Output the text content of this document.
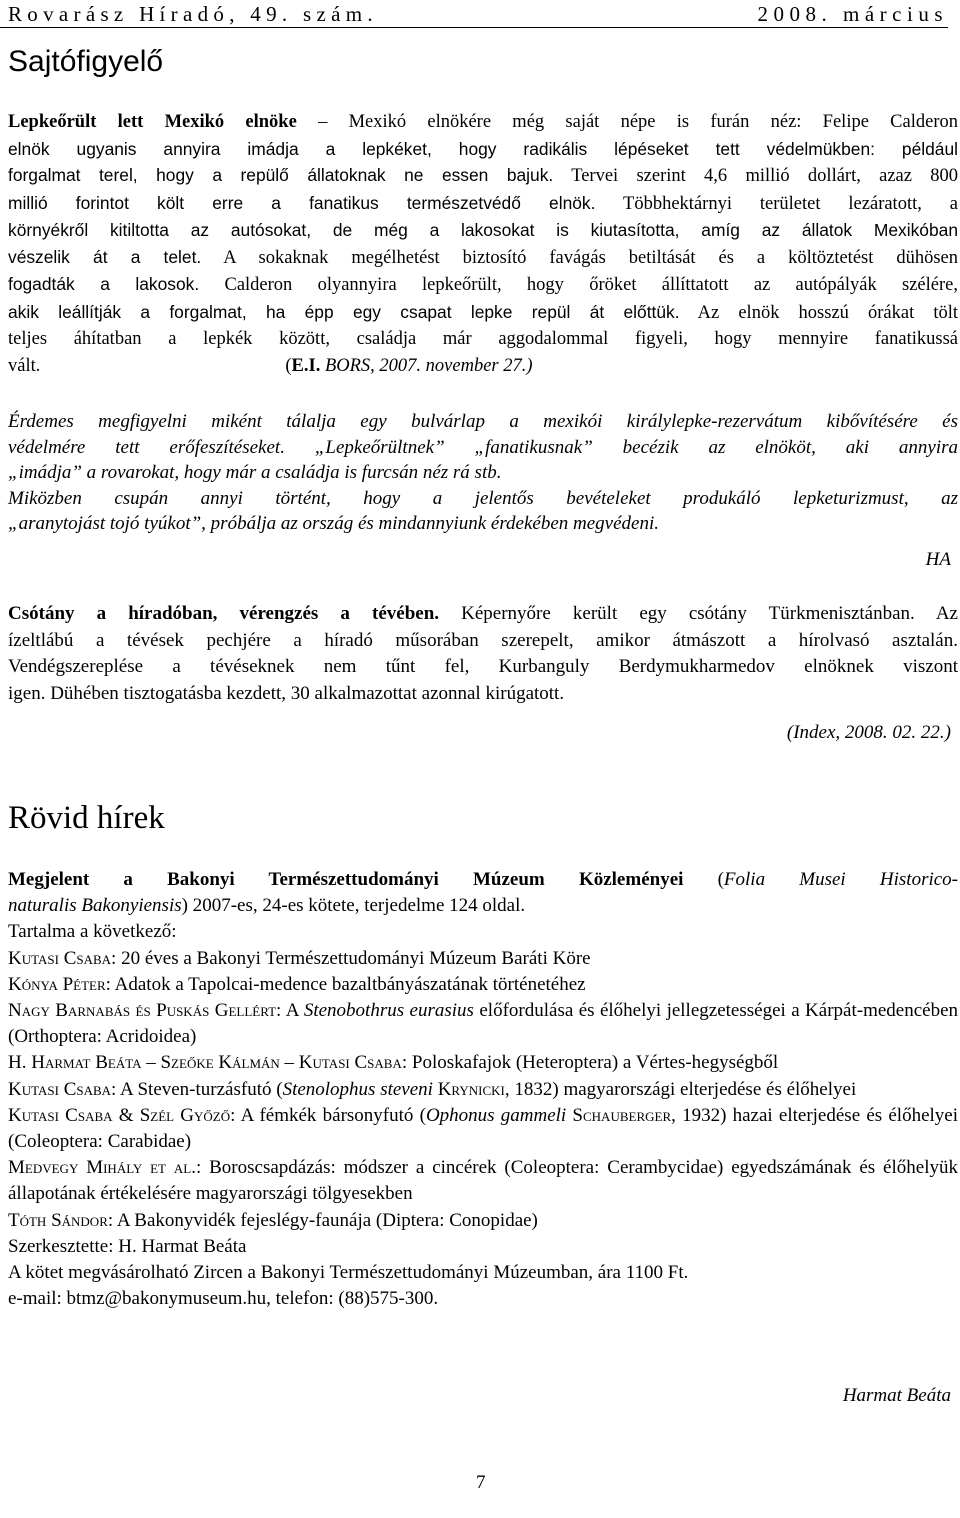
Rovarász Híradó, 49. szám.	2008. március
Sajtófigyelő
Lepkeőrült lett Mexikó elnöke – Mexikó elnökére még saját népe is furán néz: Felipe Calderon
elnök ugyanis annyira imádja a lepkéket, hogy radikális lépéseket tett védelmükben: például
forgalmat terel, hogy a repülő állatoknak ne essen bajuk. Tervei szerint 4,6 millió dollárt, azaz 800
millió forintot költ erre a fanatikus természetvédő elnök. Többhektárnyi területet lezáratott, a
környékről kitiltotta az autósokat, de még a lakosokat is kiutasította, amíg az állatok Mexikóban
vészelik át a telet. A sokaknak megélhetést biztosító favágás betiltását és a költöztetést dühösen
fogadták a lakosok. Calderon olyannyira lepkeőrült, hogy őröket állíttatott az autópályák szélére,
akik leállítják a forgalmat, ha épp egy csapat lepke repül át előttük. Az elnök hosszú órákat tölt
teljes áhítatban a lepkék között, családja már aggodalommal figyeli, hogy mennyire fanatikussá
vált.	(E.I. BORS, 2007. november 27.)
Érdemes megfigyelni miként tálalja egy bulvárlap a mexikói királylepke-rezervátum kibővítésére és
védelmére tett erőfeszítéseket. „Lepkeőrültnek” „fanatikusnak” becézik az elnököt, aki annyira
„imádja” a rovarokat, hogy már a családja is furcsán néz rá stb.
Miközben csupán annyi történt, hogy a jelentős bevételeket produkáló lepketurizmust, az
„aranytojást tojó tyúkot”, próbálja az ország és mindannyiunk érdekében megvédeni.
HA
Csótány a híradóban, vérengzés a tévében. Képernyőre került egy csótány Türkmenisztánban. Az
ízeltlábú a tévések pechjére a híradó műsorában szerepelt, amikor átmászott a hírolvasó asztalán.
Vendégszereplése a tévéseknek nem tűnt fel, Kurbanguly Berdymukharmedov elnöknek viszont
igen. Dühében tisztogatásba kezdett, 30 alkalmazottat azonnal kirúgatott.
(Index, 2008. 02. 22.)
Rövid hírek
Megjelent a Bakonyi Természettudományi Múzeum Közleményei (Folia Musei Historico-
naturalis Bakonyiensis) 2007-es, 24-es kötete, terjedelme 124 oldal.
Tartalma a következő:
Kutasi Csaba: 20 éves a Bakonyi Természettudományi Múzeum Baráti Köre
Kónya Péter: Adatok a Tapolcai-medence bazaltbányászatának történetéhez
Nagy Barnabás és Puskás Gellért: A Stenobothrus eurasius előfordulása és élőhelyi jellegzetességei a Kárpát-medencében (Orthoptera: Acridoidea)
H. Harmat Beáta – Szeőke Kálmán – Kutasi Csaba: Poloskafajok (Heteroptera) a Vértes-hegységből
Kutasi Csaba: A Steven-turzásfutó (Stenolophus steveni Krynicki, 1832) magyarországi elterjedése és élőhelyei
Kutasi Csaba & Szél Győző: A fémkék bársonyfutó (Ophonus gammeli Schauberger, 1932) hazai elterjedése és élőhelyei (Coleoptera: Carabidae)
Medvegy Mihály et al.: Boroscsapdázás: módszer a cincérek (Coleoptera: Cerambycidae) egyedszámának és élőhelyük állapotának értékelésére magyarországi tölgyesekben
Tóth Sándor: A Bakonyvidék fejeslégy-faunája (Diptera: Conopidae)
Szerkesztette: H. Harmat Beáta
A kötet megvásárolható Zircen a Bakonyi Természettudományi Múzeumban, ára 1100 Ft.
e-mail: btmz@bakonymuseum.hu, telefon: (88)575-300.
Harmat Beáta
7
